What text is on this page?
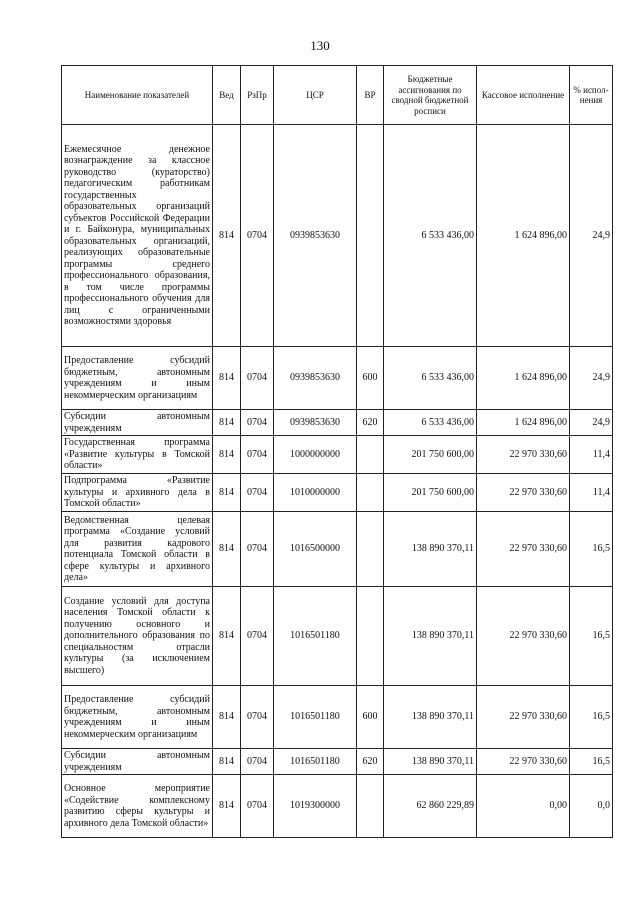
130
Наименование показателей	Вед	РзПр	ЦСР	ВР	Бюджетные ассигнования по сводной бюджетной росписи	Кассовое исполнение	% испол- нения
Ежемесячное денежное вознаграждение за классное руководство (кураторство) педагогическим работникам государственных образовательных организаций субъектов Российской Федерации и г. Байконура, муниципальных образовательных организаций, реализующих образовательные программы среднего профессионального образования, в том числе программы профессионального обучения для лиц с ограниченными возможностями здоровья	814	0704	0939853630		6 533 436,00	1 624 896,00	24,9
Предоставление субсидий бюджетным, автономным учреждениям и иным некоммерческим организациям	814	0704	0939853630	600	6 533 436,00	1 624 896,00	24,9
Субсидии автономным учреждениям	814	0704	0939853630	620	6 533 436,00	1 624 896,00	24,9
Государственная программа «Развитие культуры в Томской области»	814	0704	1000000000		201 750 600,00	22 970 330,60	11,4
Подпрограмма «Развитие культуры и архивного дела в Томской области»	814	0704	1010000000		201 750 600,00	22 970 330,60	11,4
Ведомственная целевая программа «Создание условий для развития кадрового потенциала Томской области в сфере культуры и архивного дела»	814	0704	1016500000		138 890 370,11	22 970 330,60	16,5
Создание условий для доступа населения Томской области к получению основного и дополнительного образования по специальностям отрасли культуры (за исключением высшего)	814	0704	1016501180		138 890 370,11	22 970 330,60	16,5
Предоставление субсидий бюджетным, автономным учреждениям и иным некоммерческим организациям	814	0704	1016501180	600	138 890 370,11	22 970 330,60	16,5
Субсидии автономным учреждениям	814	0704	1016501180	620	138 890 370,11	22 970 330,60	16,5
Основное мероприятие «Содействие комплексному развитию сферы культуры и архивного дела Томской области»	814	0704	1019300000		62 860 229,89	0,00	0,0
